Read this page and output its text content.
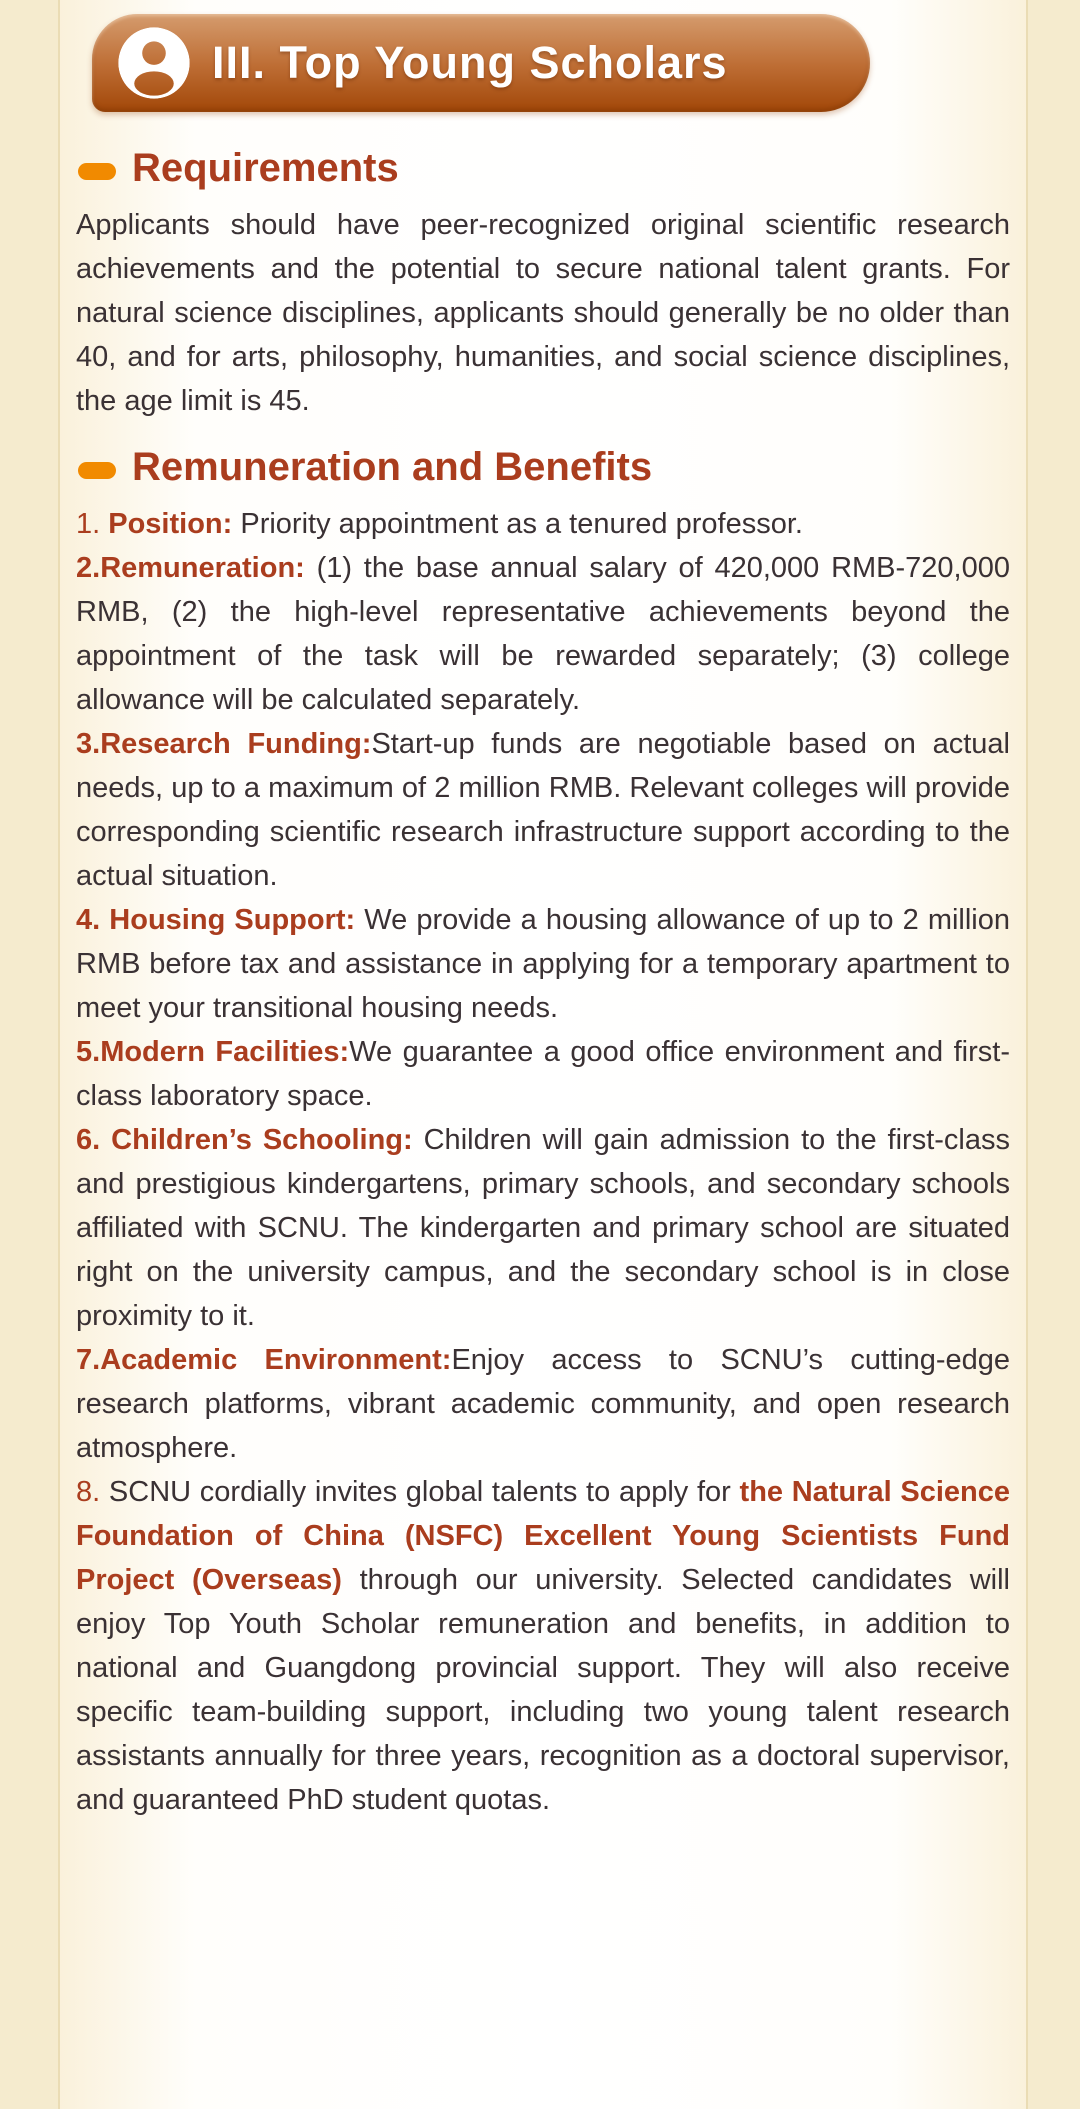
III. Top Young Scholars
Requirements

Applicants should have peer-recognized original scientific research achievements and the potential to secure national talent grants. For natural science disciplines, applicants should generally be no older than 40, and for arts, philosophy, humanities, and social science disciplines, the age limit is 45.

Remuneration and Benefits

1. Position: Priority appointment as a tenured professor.

2.Remuneration: (1) the base annual salary of 420,000 RMB-720,000 RMB, (2) the high-level representative achievements beyond the appointment of the task will be rewarded separately; (3) college allowance will be calculated separately.

3.Research Funding:Start-up funds are negotiable based on actual needs, up to a maximum of 2 million RMB. Relevant colleges will provide corresponding scientific research infrastructure support according to the actual situation.

4. Housing Support: We provide a housing allowance of up to 2 million RMB before tax and assistance in applying for a temporary apartment to meet your transitional housing needs.

5.Modern Facilities:We guarantee a good office environment and first-class laboratory space.

6. Children’s Schooling: Children will gain admission to the first-class and prestigious kindergartens, primary schools, and secondary schools affiliated with SCNU. The kindergarten and primary school are situated right on the university campus, and the secondary school is in close proximity to it.

7.Academic Environment:Enjoy access to SCNU’s cutting-edge research platforms, vibrant academic community, and open research atmosphere.

8. SCNU cordially invites global talents to apply for the Natural Science Foundation of China (NSFC) Excellent Young Scientists Fund Project (Overseas) through our university. Selected candidates will enjoy Top Youth Scholar remuneration and benefits, in addition to national and Guangdong provincial support. They will also receive specific team-building support, including two young talent research assistants annually for three years, recognition as a doctoral supervisor, and guaranteed PhD student quotas.
